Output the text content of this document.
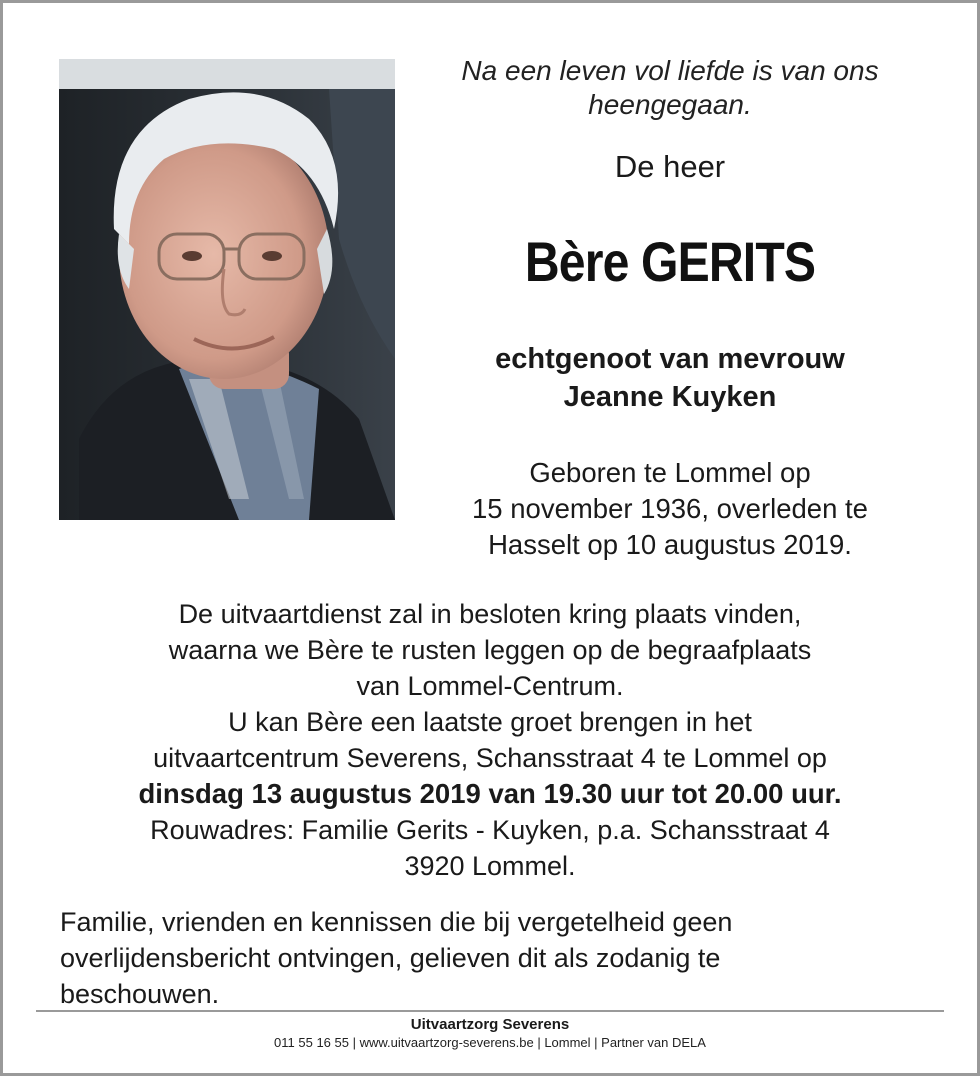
Na een leven vol liefde is van ons
heengegaan.
De heer
Bère GERITS
echtgenoot van mevrouw
Jeanne Kuyken
Geboren te Lommel op
15 november 1936, overleden te
Hasselt op 10 augustus 2019.
De uitvaartdienst zal in besloten kring plaats vinden,
waarna we Bère te rusten leggen op de begraafplaats
van Lommel-Centrum.
U kan Bère een laatste groet brengen in het
uitvaartcentrum Severens, Schansstraat 4 te Lommel op
dinsdag 13 augustus 2019 van 19.30 uur tot 20.00 uur.
Rouwadres: Familie Gerits - Kuyken, p.a. Schansstraat 4
3920 Lommel.
Familie, vrienden en kennissen die bij vergetelheid geen
overlijdensbericht ontvingen, gelieven dit als zodanig te
beschouwen.
Uitvaartzorg Severens
011 55 16 55 | www.uitvaartzorg-severens.be | Lommel | Partner van DELA
